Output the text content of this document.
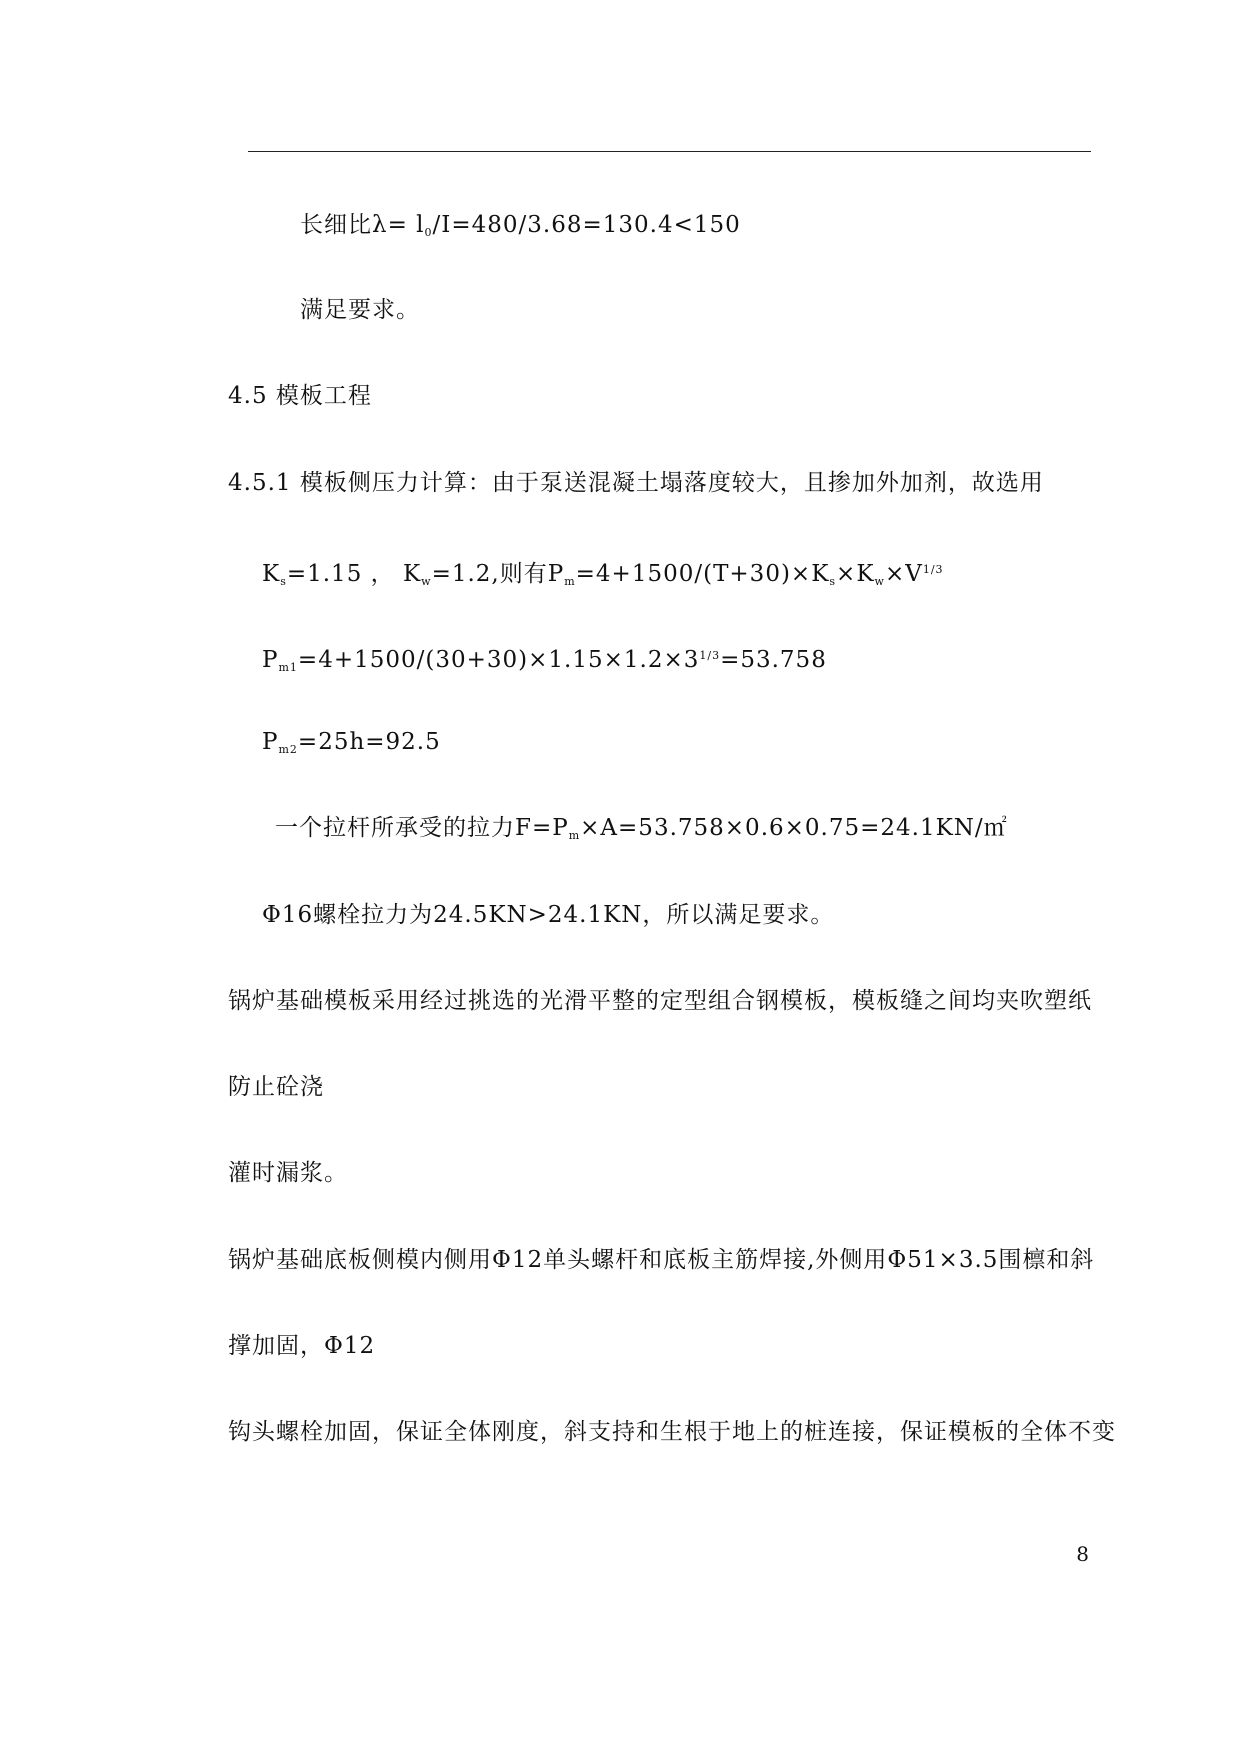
长细比$\lambda= l_0/I=480/3.68=130.4<150$
满足要求。
4.5 模板工程
4.5.1 模板侧压力计算：由于泵送混凝土塌落度较大，且掺加外加剂，故选用
$K_s=1.15$ ， $K_w=1.2$,则有$P_m=4+1500/(T+30)\times K_s\times K_w\times V^{1/3}$
$P_{m1}=4+1500/(30+30)\times 1.15\times 1.2\times 3^{1/3}=53.758$
$P_{m2}=25h=92.5$
一个拉杆所承受的拉力$F=P_m\times A=53.758\times 0.6\times 0.75=24.1KN/㎡$
Φ16螺栓拉力为24.5KN>24.1KN，所以满足要求。
锅炉基础模板采用经过挑选的光滑平整的定型组合钢模板，模板缝之间均夹吹塑纸
防止砼浇
灌时漏浆。
锅炉基础底板侧模内侧用Φ12单头螺杆和底板主筋焊接,外侧用Φ51×3.5围檩和斜
撑加固，Φ12
钩头螺栓加固，保证全体刚度，斜支持和生根于地上的桩连接，保证模板的全体不变
8
